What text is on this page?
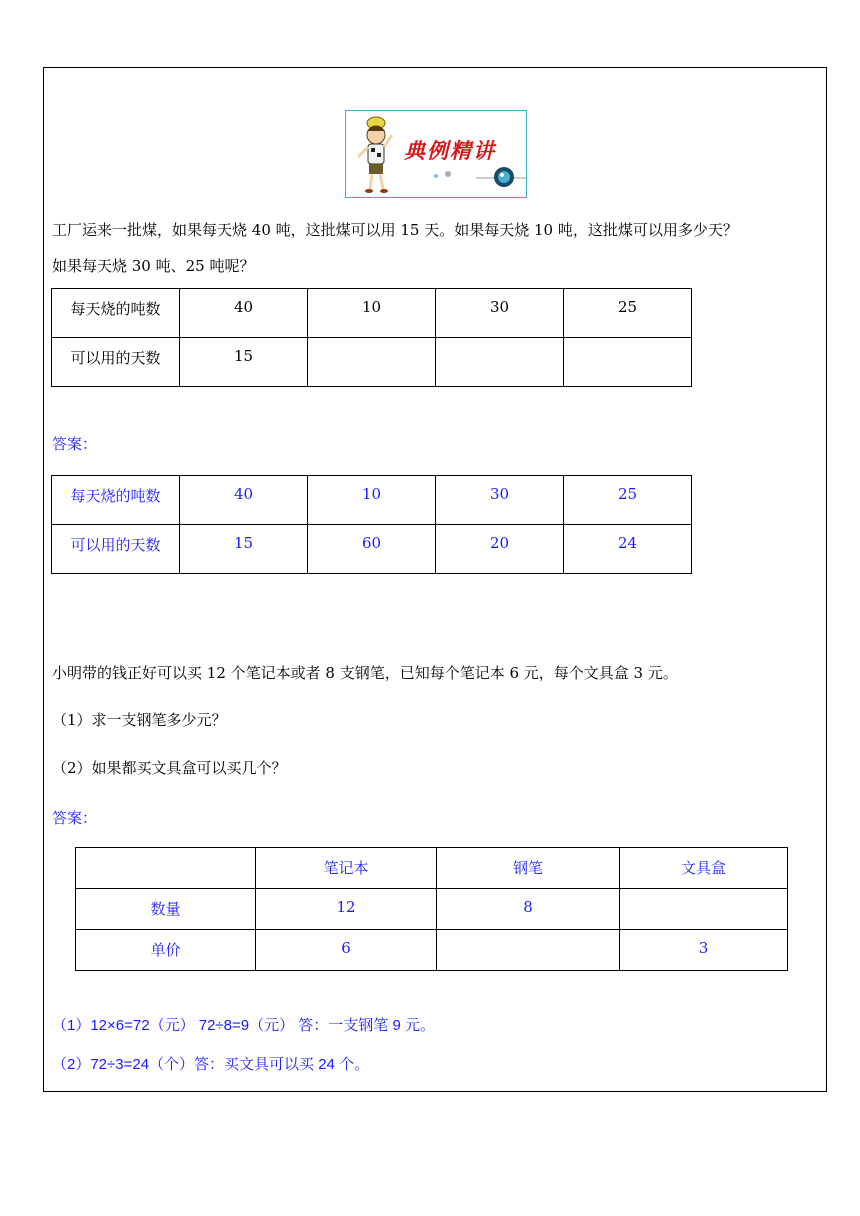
典例精讲
工厂运来一批煤，如果每天烧 40 吨，这批煤可以用 15 天。如果每天烧 10 吨，这批煤可以用多少天？
如果每天烧 30 吨、25 吨呢？
每天烧的吨数	40	10	30	25
可以用的天数	15			
答案：
每天烧的吨数	40	10	30	25
可以用的天数	15	60	20	24
小明带的钱正好可以买 12 个笔记本或者 8 支钢笔，已知每个笔记本 6 元，每个文具盒 3 元。
（1）求一支钢笔多少元？
（2）如果都买文具盒可以买几个？
答案：
	笔记本	钢笔	文具盒
数量	12	8	
单价	6		3
（1）12×6=72（元） 72÷8=9（元） 答：一支钢笔 9 元。
（2）72÷3=24（个）答：买文具可以买 24 个。
